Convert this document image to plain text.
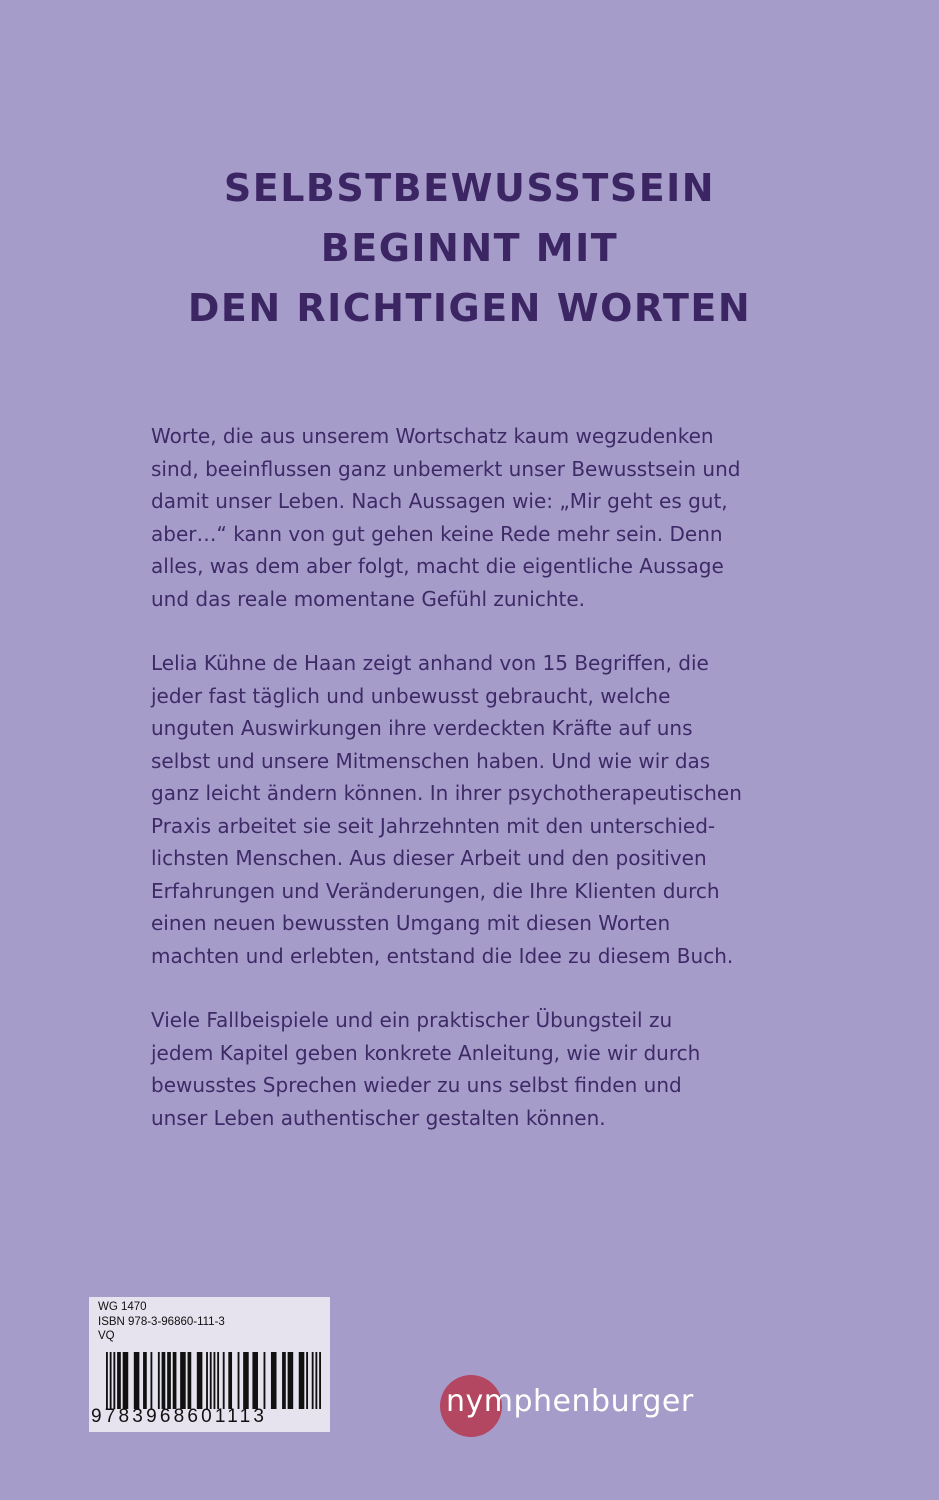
SELBSTBEWUSSTSEIN
BEGINNT MIT
DEN RICHTIGEN WORTEN
Worte, die aus unserem Wortschatz kaum wegzudenken
sind, beeinflussen ganz unbemerkt unser Bewusstsein und
damit unser Leben. Nach Aussagen wie: „Mir geht es gut,
aber…“ kann von gut gehen keine Rede mehr sein. Denn
alles, was dem aber folgt, macht die eigentliche Aussage
und das reale momentane Gefühl zunichte.
Lelia Kühne de Haan zeigt anhand von 15 Begriffen, die
jeder fast täglich und unbewusst gebraucht, welche
unguten Auswirkungen ihre verdeckten Kräfte auf uns
selbst und unsere Mitmenschen haben. Und wie wir das
ganz leicht ändern können. In ihrer psychotherapeutischen
Praxis arbeitet sie seit Jahrzehnten mit den unterschied-
lichsten Menschen. Aus dieser Arbeit und den positiven
Erfahrungen und Veränderungen, die Ihre Klienten durch
einen neuen bewussten Umgang mit diesen Worten
machten und erlebten, entstand die Idee zu diesem Buch.
Viele Fallbeispiele und ein praktischer Übungsteil zu
jedem Kapitel geben konkrete Anleitung, wie wir durch
bewusstes Sprechen wieder zu uns selbst finden und
unser Leben authentischer gestalten können.
WG 1470
ISBN 978-3-96860-111-3
VQ
9783968601113	nymphenburger
